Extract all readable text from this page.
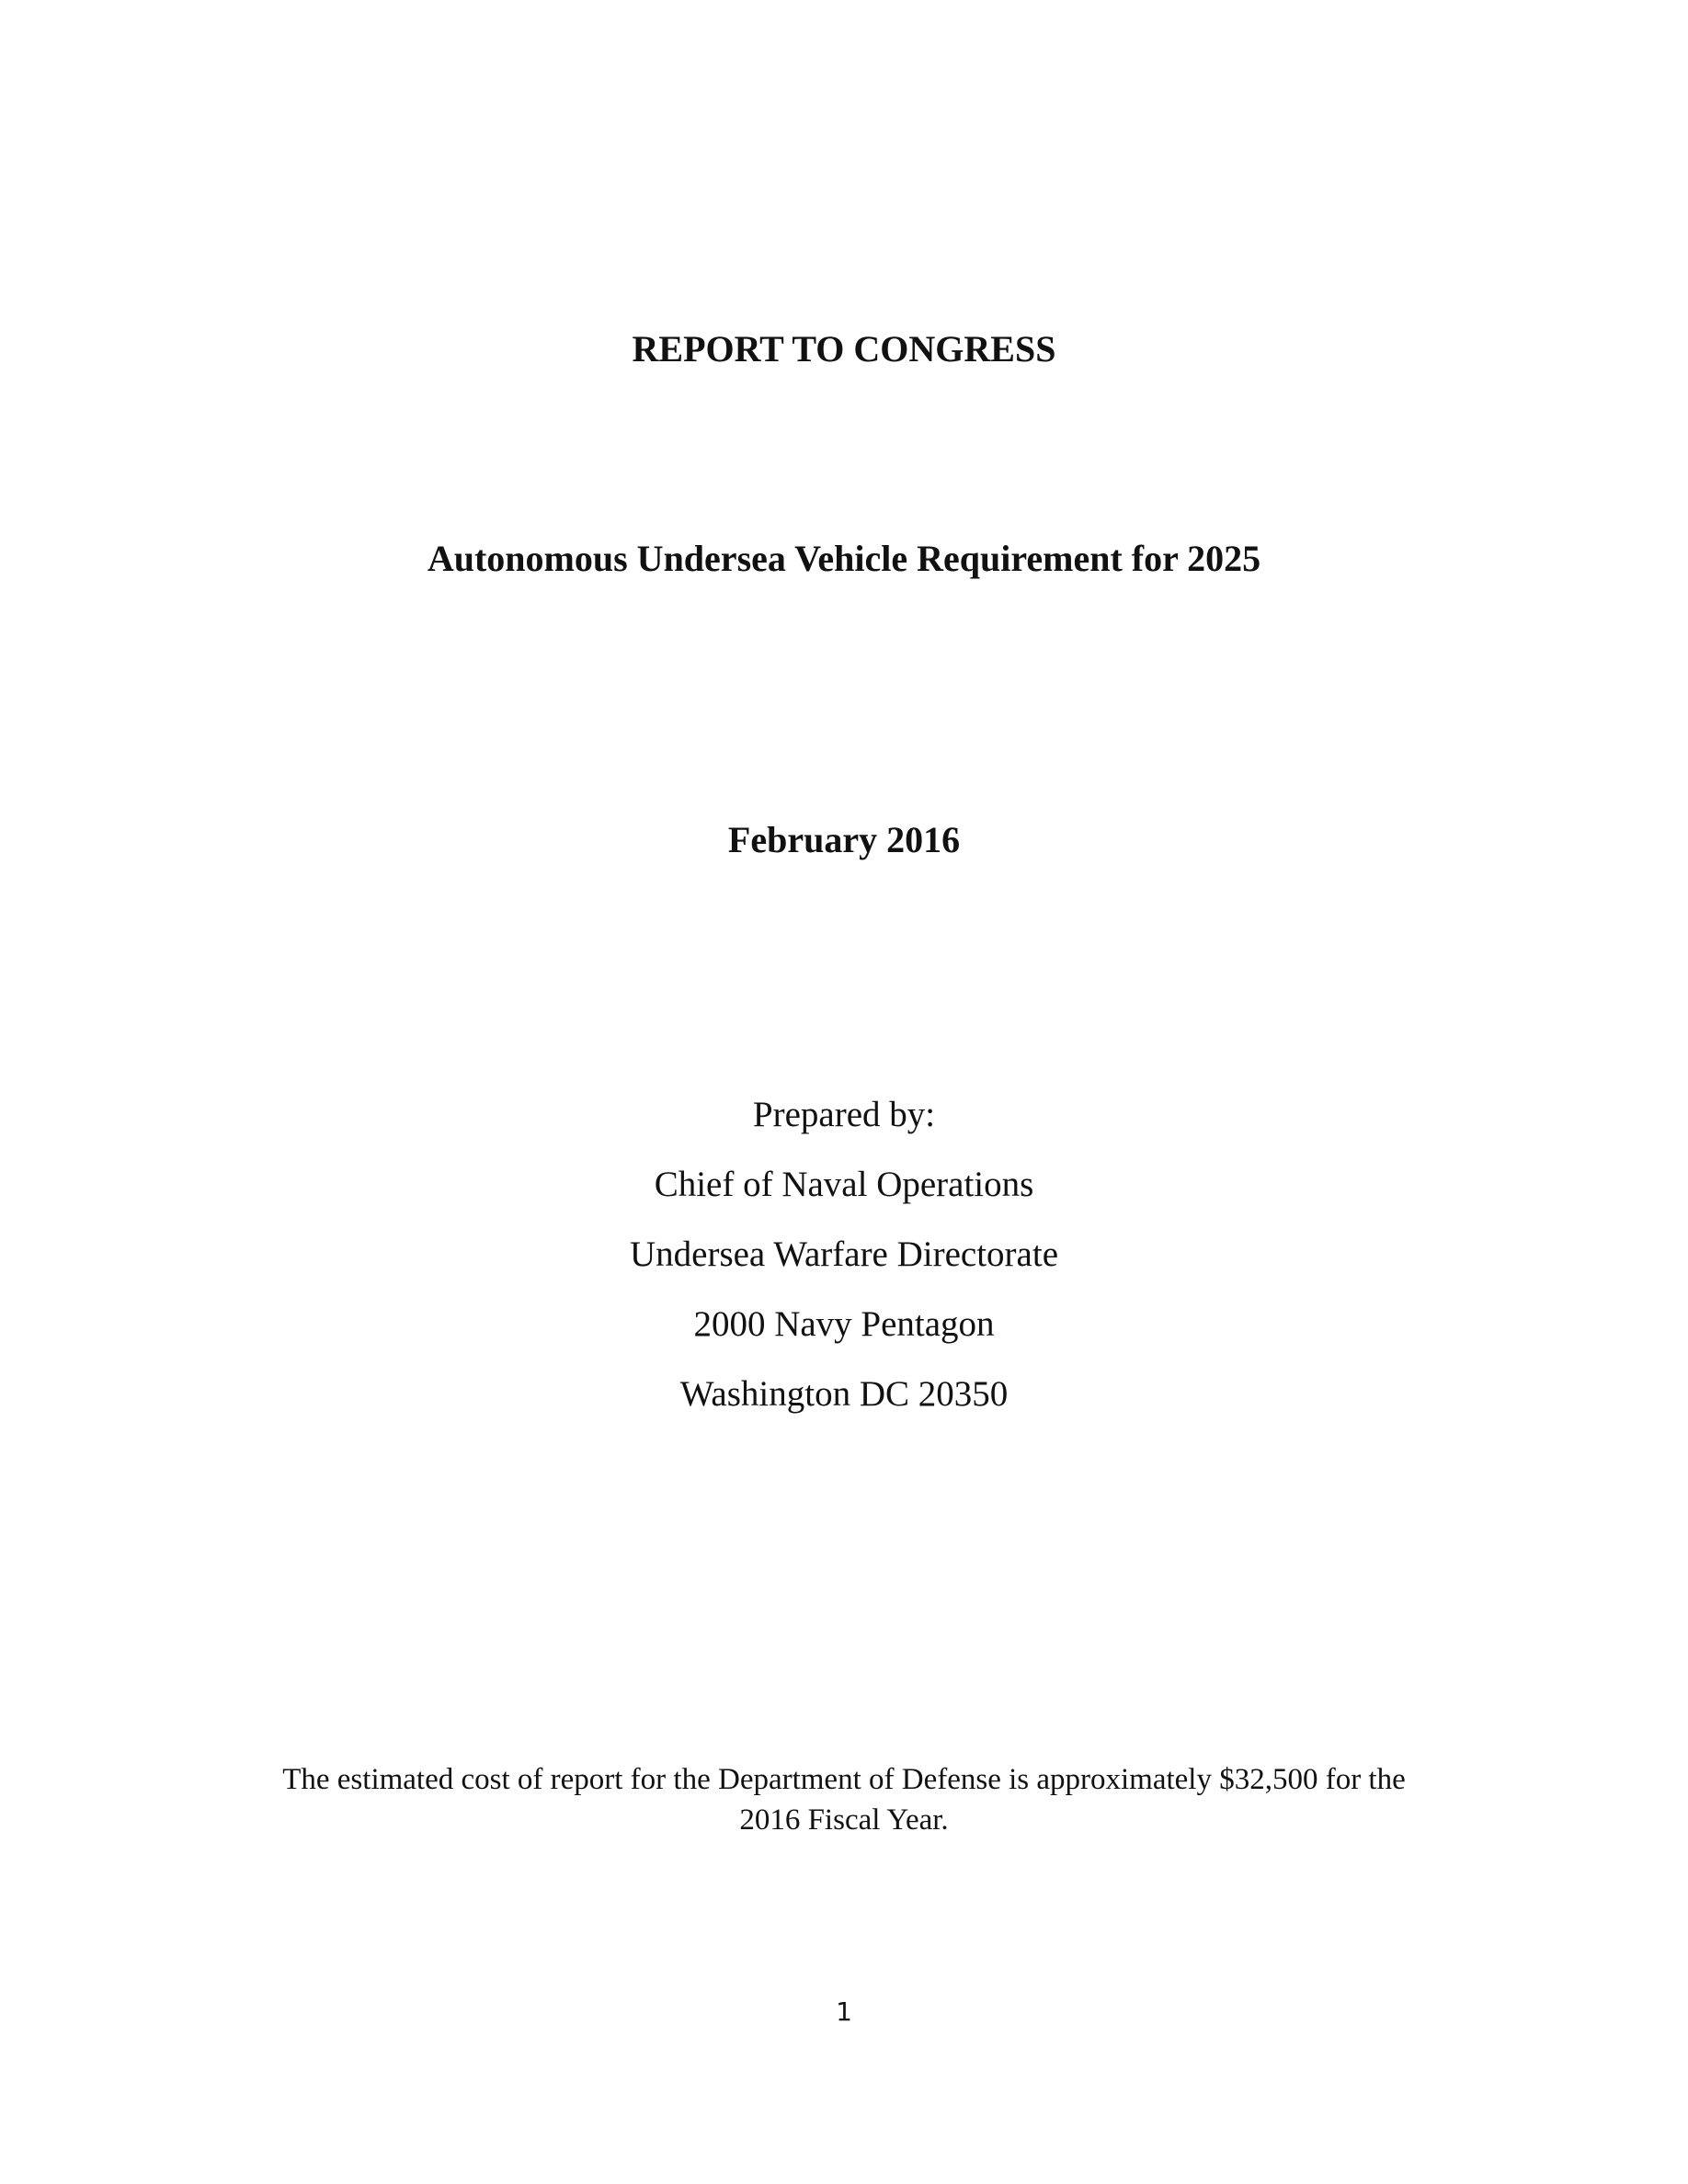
REPORT TO CONGRESS
Autonomous Undersea Vehicle Requirement for 2025

February 2016

Prepared by:

Chief of Naval Operations

Undersea Warfare Directorate

2000 Navy Pentagon

Washington DC 20350

The estimated cost of report for the Department of Defense is approximately $32,500 for the

2016 Fiscal Year.

1
